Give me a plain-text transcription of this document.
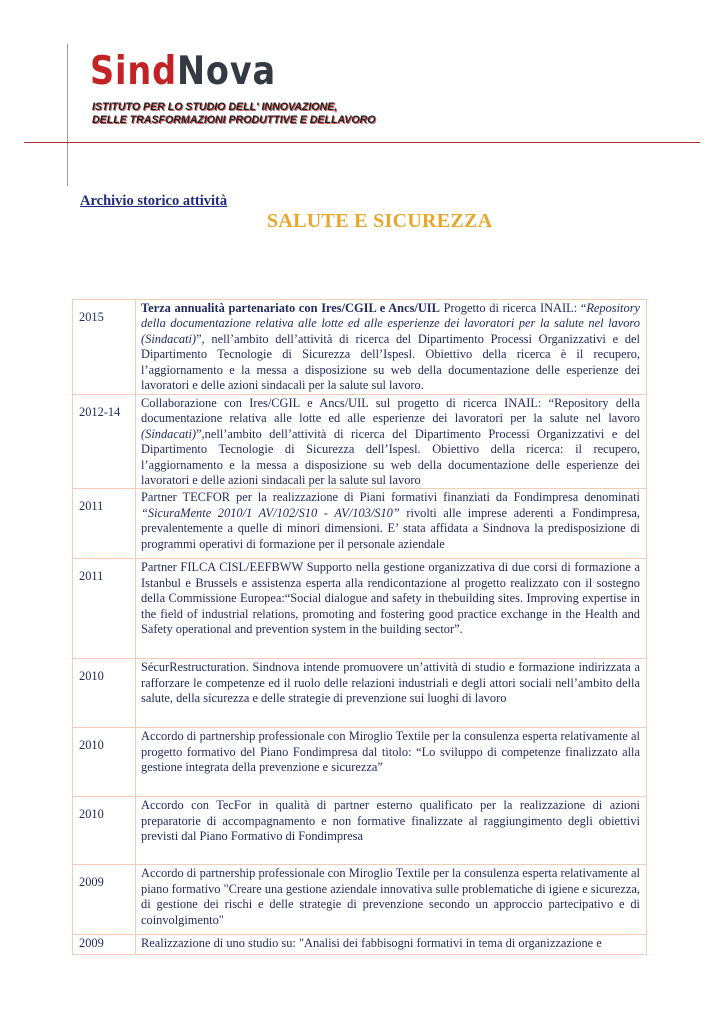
SindNova
ISTITUTO PER LO STUDIO DELL' INNOVAZIONE,
DELLE TRASFORMAZIONI PRODUTTIVE E DELLAVORO
Archivio storico attività
SALUTE E SICUREZZA
2015	Terza annualità partenariato con Ires/CGIL e Ancs/UIL Progetto di ricerca INAIL: “Repository della documentazione relativa alle lotte ed alle esperienze dei lavoratori per la salute nel lavoro (Sindacati)”, nell’ambito dell’attività di ricerca del Dipartimento Processi Organizzativi e del Dipartimento Tecnologie di Sicurezza dell’Ispesl. Obiettivo della ricerca è il recupero, l’aggiornamento e la messa a disposizione su web della documentazione delle esperienze dei lavoratori e delle azioni sindacali per la salute sul lavoro.
2012-14	Collaborazione con Ires/CGIL e Ancs/UIL sul progetto di ricerca INAIL: “Repository della documentazione relativa alle lotte ed alle esperienze dei lavoratori per la salute nel lavoro (Sindacati)”,nell’ambito dell’attività di ricerca del Dipartimento Processi Organizzativi e del Dipartimento Tecnologie di Sicurezza dell’Ispesl. Obiettivo della ricerca: il recupero, l’aggiornamento e la messa a disposizione su web della documentazione delle esperienze dei lavoratori e delle azioni sindacali per la salute sul lavoro
2011	Partner TECFOR per la realizzazione di Piani formativi finanziati da Fondimpresa denominati “SicuraMente 2010/1 AV/102/S10 - AV/103/S10” rivolti alle imprese aderenti a Fondimpresa, prevalentemente a quelle di minori dimensioni. E’ stata affidata a Sindnova la predisposizione di programmi operativi di formazione per il personale aziendale
2011	Partner FILCA CISL/EEFBWW Supporto nella gestione organizzativa di due corsi di formazione a Istanbul e Brussels e assistenza esperta alla rendicontazione al progetto realizzato con il sostegno della Commissione Europea:“Social dialogue and safety in thebuilding sites. Improving expertise in the field of industrial relations, promoting and fostering good practice exchange in the Health and Safety operational and prevention system in the building sector”.
2010	SécurRestructuration. Sindnova intende promuovere un’attività di studio e formazione indirizzata a rafforzare le competenze ed il ruolo delle relazioni industriali e degli attori sociali nell’ambito della salute, della sicurezza e delle strategie di prevenzione sui luoghi di lavoro
2010	Accordo di partnership professionale con Miroglio Textile per la consulenza esperta relativamente al progetto formativo del Piano Fondimpresa dal titolo: “Lo sviluppo di competenze finalizzato alla gestione integrata della prevenzione e sicurezza”
2010	Accordo con TecFor in qualità di partner esterno qualificato per la realizzazione di azioni preparatorie di accompagnamento e non formative finalizzate al raggiungimento degli obiettivi previsti dal Piano Formativo di Fondimpresa
2009	Accordo di partnership professionale con Miroglio Textile per la consulenza esperta relativamente al piano formativo "Creare una gestione aziendale innovativa sulle problematiche di igiene e sicurezza, di gestione dei rischi e delle strategie di prevenzione secondo un approccio partecipativo e di coinvolgimento"
2009	Realizzazione di uno studio su: "Analisi dei fabbisogni formativi in tema di organizzazione e
